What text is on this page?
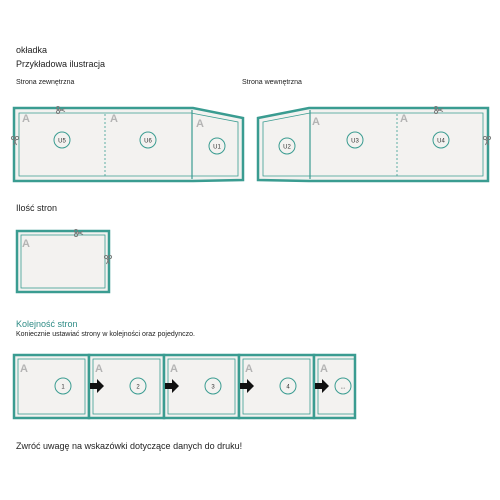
okładka
Przykładowa ilustracja
Strona zewnętrzna	Strona wewnętrzna
Ilość stron
Kolejność stron
Koniecznie ustawiać strony w kolejności oraz pojedynczo.
Zwróć uwagę na wskazówki dotyczące danych do druku!
A	A	A
U5	U6
U1
A	A
U2
U3	U4
A
A
1
A
2
A
3
A
4
A
...
